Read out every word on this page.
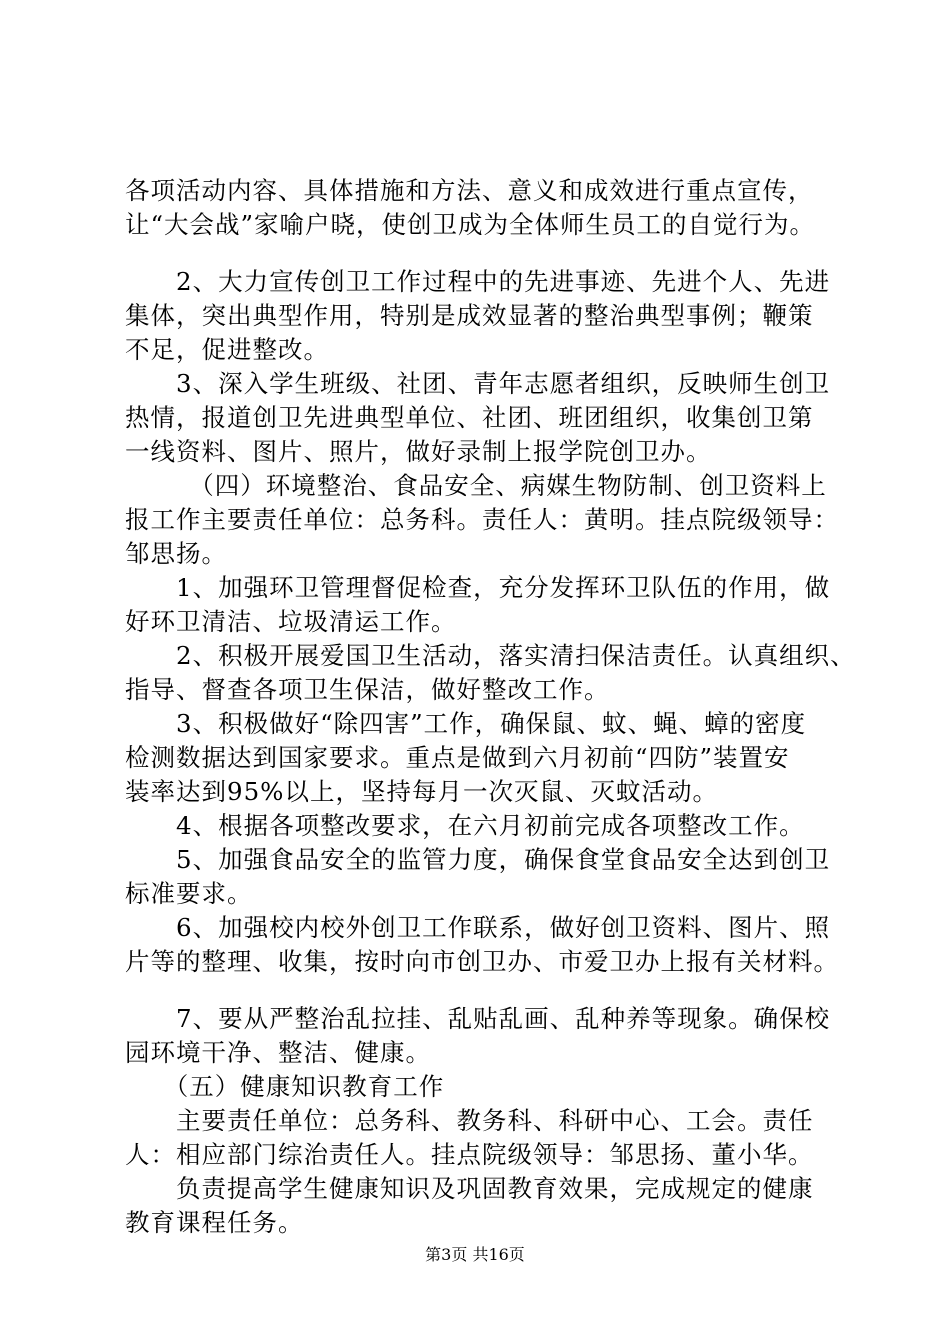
各项活动内容、具体措施和方法、意义和成效进行重点宣传，
让“大会战”家喻户晓，使创卫成为全体师生员工的自觉行为。
　　2、大力宣传创卫工作过程中的先进事迹、先进个人、先进
集体，突出典型作用，特别是成效显著的整治典型事例；鞭策
不足，促进整改。
　　3、深入学生班级、社团、青年志愿者组织，反映师生创卫
热情，报道创卫先进典型单位、社团、班团组织，收集创卫第
一线资料、图片、照片，做好录制上报学院创卫办。
　　　（四）环境整治、食品安全、病媒生物防制、创卫资料上
报工作主要责任单位：总务科。责任人：黄明。挂点院级领导：
邹思扬。
　　1、加强环卫管理督促检查，充分发挥环卫队伍的作用，做
好环卫清洁、垃圾清运工作。
　　2、积极开展爱国卫生活动，落实清扫保洁责任。认真组织、
指导、督查各项卫生保洁，做好整改工作。
　　3、积极做好“除四害”工作，确保鼠、蚊、蝇、蟑的密度
检测数据达到国家要求。重点是做到六月初前“四防”装置安
装率达到95%以上，坚持每月一次灭鼠、灭蚊活动。
　　4、根据各项整改要求，在六月初前完成各项整改工作。
　　5、加强食品安全的监管力度，确保食堂食品安全达到创卫
标准要求。
　　6、加强校内校外创卫工作联系，做好创卫资料、图片、照
片等的整理、收集，按时向市创卫办、市爱卫办上报有关材料。
　　7、要从严整治乱拉挂、乱贴乱画、乱种养等现象。确保校
园环境干净、整洁、健康。
　　（五）健康知识教育工作
　　主要责任单位：总务科、教务科、科研中心、工会。责任
人：相应部门综治责任人。挂点院级领导：邹思扬、董小华。
　　负责提高学生健康知识及巩固教育效果，完成规定的健康
教育课程任务。
第3页 共16页
